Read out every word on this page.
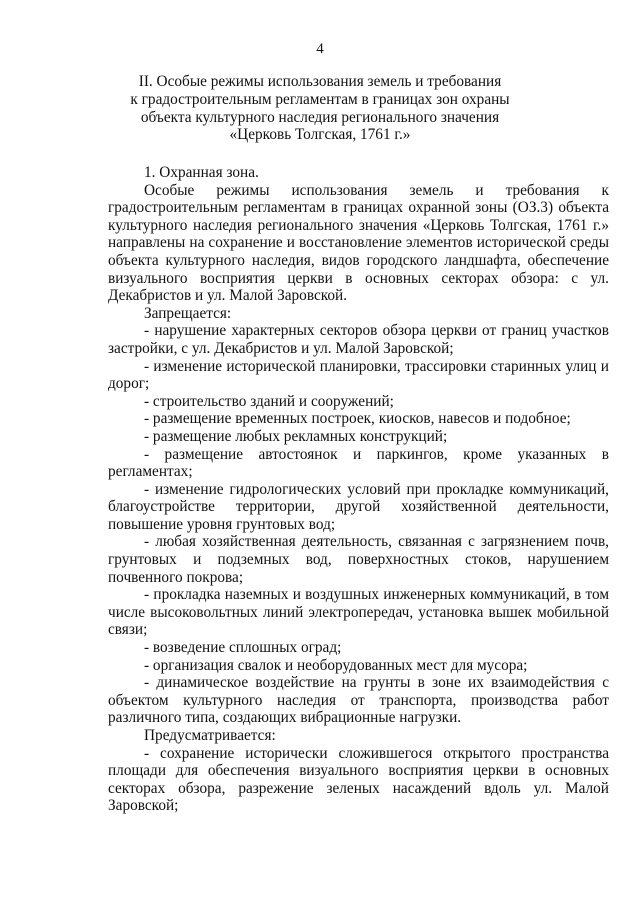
4
II. Особые режимы использования земель и требования
к градостроительным регламентам в границах зон охраны
объекта культурного наследия регионального значения
«Церковь Толгская, 1761 г.»

1. Охранная зона.

Особые режимы использования земель и требования к градостроительным регламентам в границах охранной зоны (ОЗ.3) объекта культурного наследия регионального значения «Церковь Толгская, 1761 г.» направлены на сохранение и восстановление элементов исторической среды объекта культурного наследия, видов городского ландшафта, обеспечение визуального восприятия церкви в основных секторах обзора: с ул. Декабристов и ул. Малой Заровской.

Запрещается:

- нарушение характерных секторов обзора церкви от границ участков застройки, с ул. Декабристов и ул. Малой Заровской;

- изменение исторической планировки, трассировки старинных улиц и дорог;

- строительство зданий и сооружений;

- размещение временных построек, киосков, навесов и подобное;

- размещение любых рекламных конструкций;

- размещение автостоянок и паркингов, кроме указанных в регламентах;

- изменение гидрологических условий при прокладке коммуникаций, благоустройстве территории, другой хозяйственной деятельности, повышение уровня грунтовых вод;

- любая хозяйственная деятельность, связанная с загрязнением почв, грунтовых и подземных вод, поверхностных стоков, нарушением почвенного покрова;

- прокладка наземных и воздушных инженерных коммуникаций, в том числе высоковольтных линий электропередач, установка вышек мобильной связи;

- возведение сплошных оград;

- организация свалок и необорудованных мест для мусора;

- динамическое воздействие на грунты в зоне их взаимодействия с объектом культурного наследия от транспорта, производства работ различного типа, создающих вибрационные нагрузки.

Предусматривается:

- сохранение исторически сложившегося открытого пространства площади для обеспечения визуального восприятия церкви в основных секторах обзора, разрежение зеленых насаждений вдоль ул. Малой Заровской;
